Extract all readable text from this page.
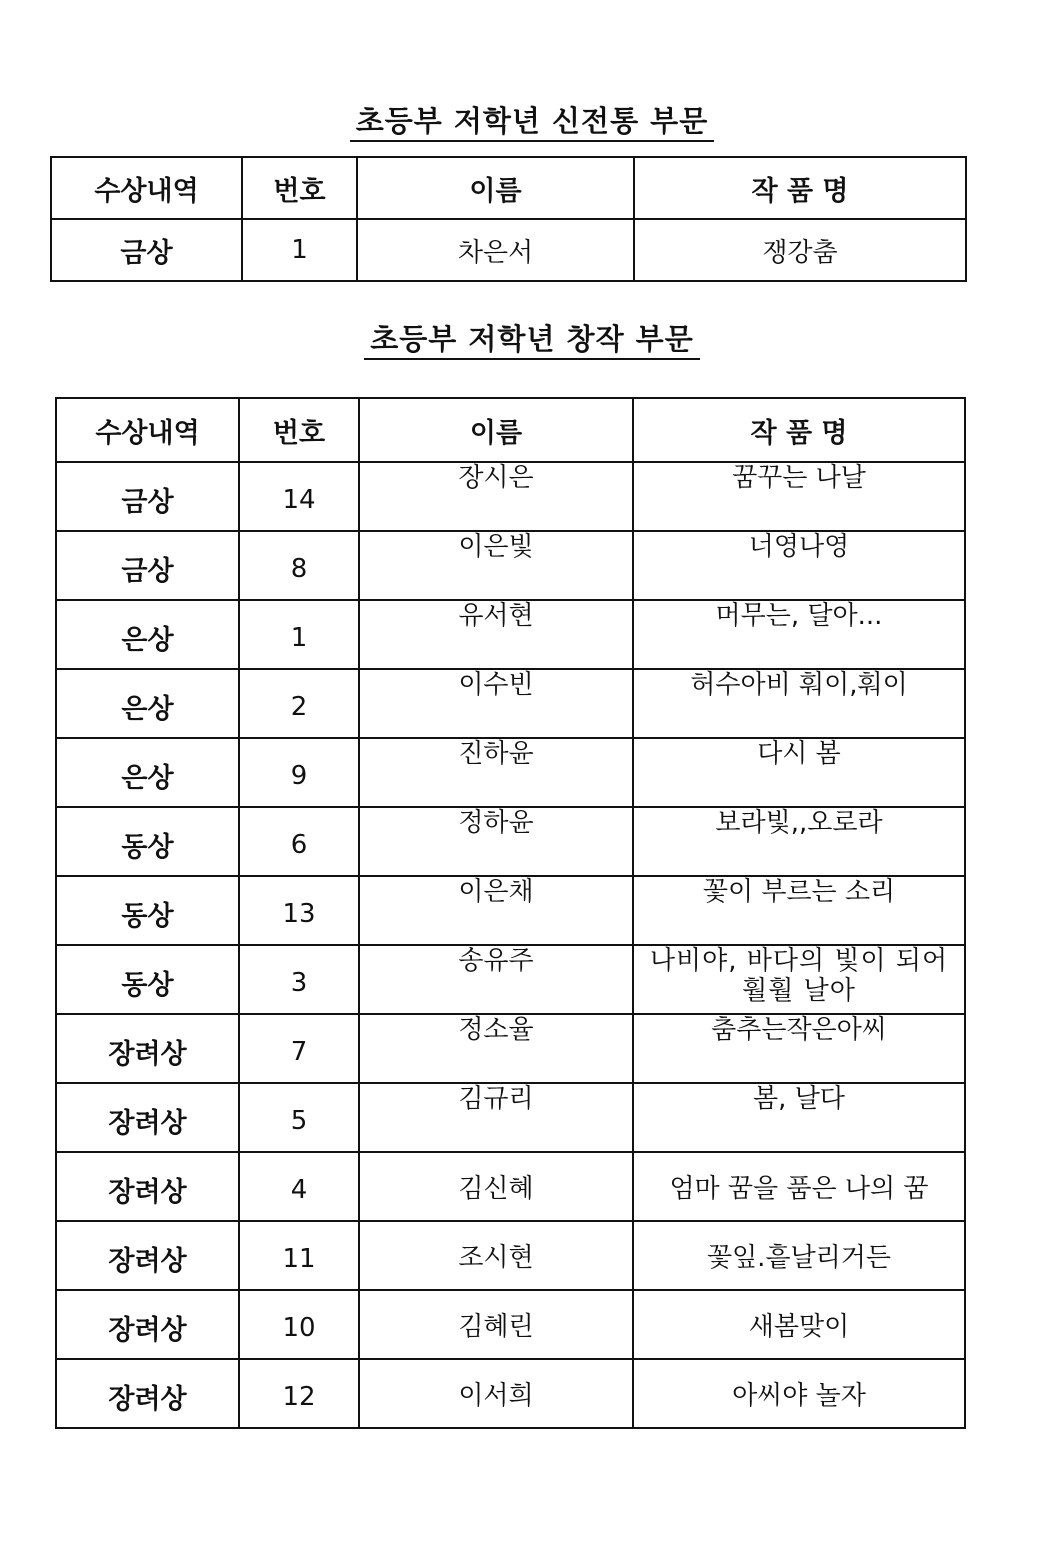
초등부 저학년 신전통 부문
수상내역	번호	이름	작 품 명
금상	1	차은서	쟁강춤
초등부 저학년 창작 부문
수상내역	번호	이름	작 품 명
금상	14	장시은	꿈꾸는 나날
금상	8	이은빛	너영나영
은상	1	유서현	머무는, 달아...
은상	2	이수빈	허수아비 훠이,훠이
은상	9	진하윤	다시 봄
동상	6	정하윤	보라빛,,오로라
동상	13	이은채	꽃이 부르는 소리
동상	3	송유주	나비야, 바다의 빛이 되어 훨훨 날아
장려상	7	정소율	춤추는작은아씨
장려상	5	김규리	봄, 날다
장려상	4	김신혜	엄마 꿈을 품은 나의 꿈
장려상	11	조시현	꽃잎.흩날리거든
장려상	10	김혜린	새봄맞이
장려상	12	이서희	아씨야 놀자
